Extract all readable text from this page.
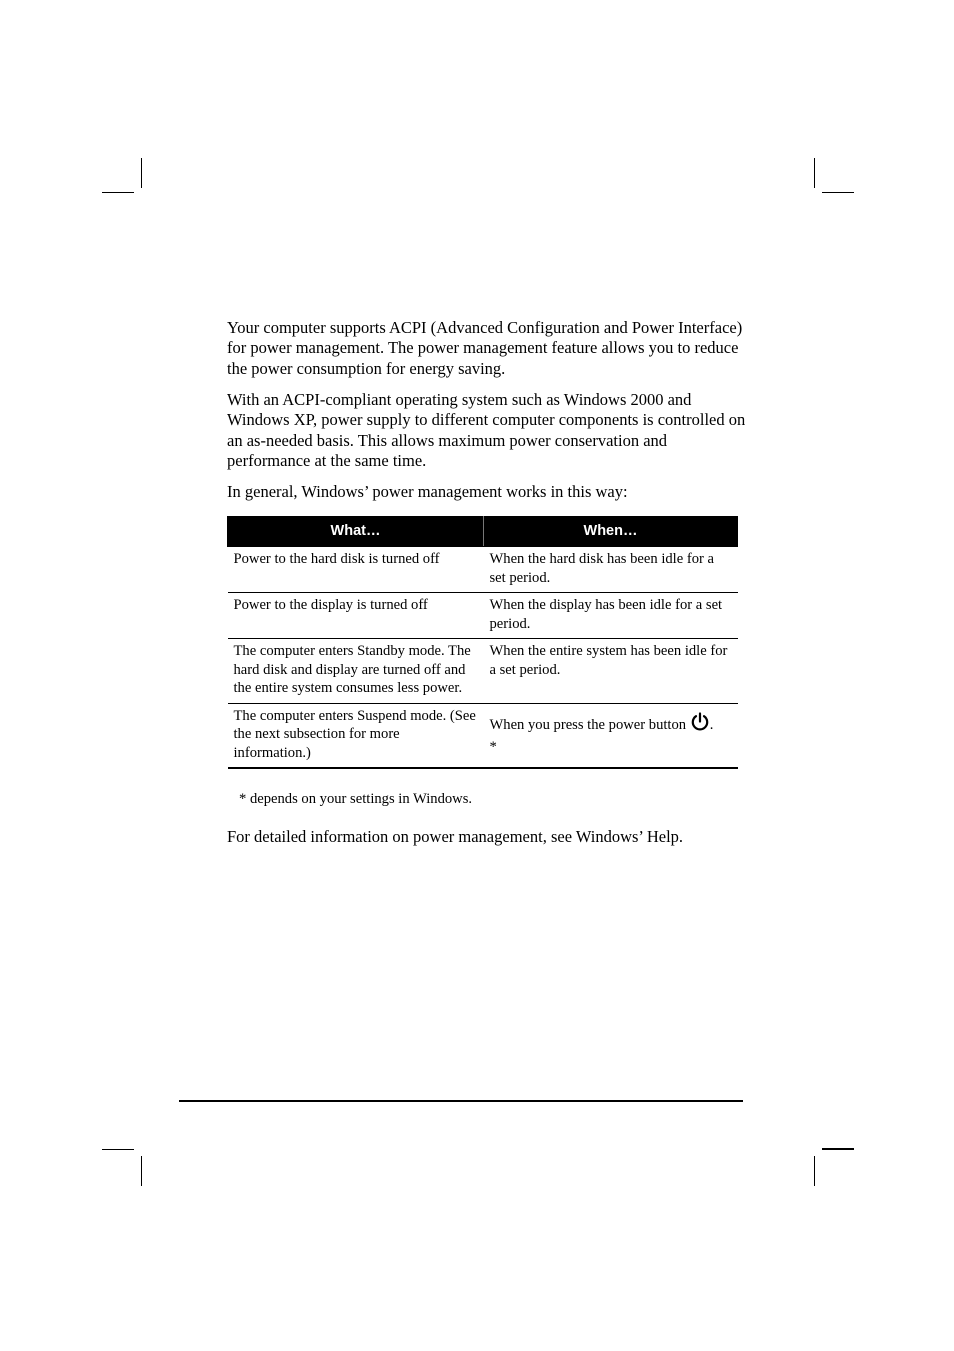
Your computer supports ACPI (Advanced Configuration and Power Interface) for power management. The power management feature allows you to reduce the power consumption for energy saving.

With an ACPI-compliant operating system such as Windows 2000 and Windows XP, power supply to different computer components is controlled on an as-needed basis. This allows maximum power conservation and performance at the same time.

In general, Windows’ power management works in this way:

What…	When…
Power to the hard disk is turned off	When the hard disk has been idle for a set period.
Power to the display is turned off	When the display has been idle for a set period.
The computer enters Standby mode. The hard disk and display are turned off and the entire system consumes less power.	When the entire system has been idle for a set period.
The computer enters Suspend mode. (See the next subsection for more information.)	When you press the power button .
*

* depends on your settings in Windows.

For detailed information on power management, see Windows’ Help.
